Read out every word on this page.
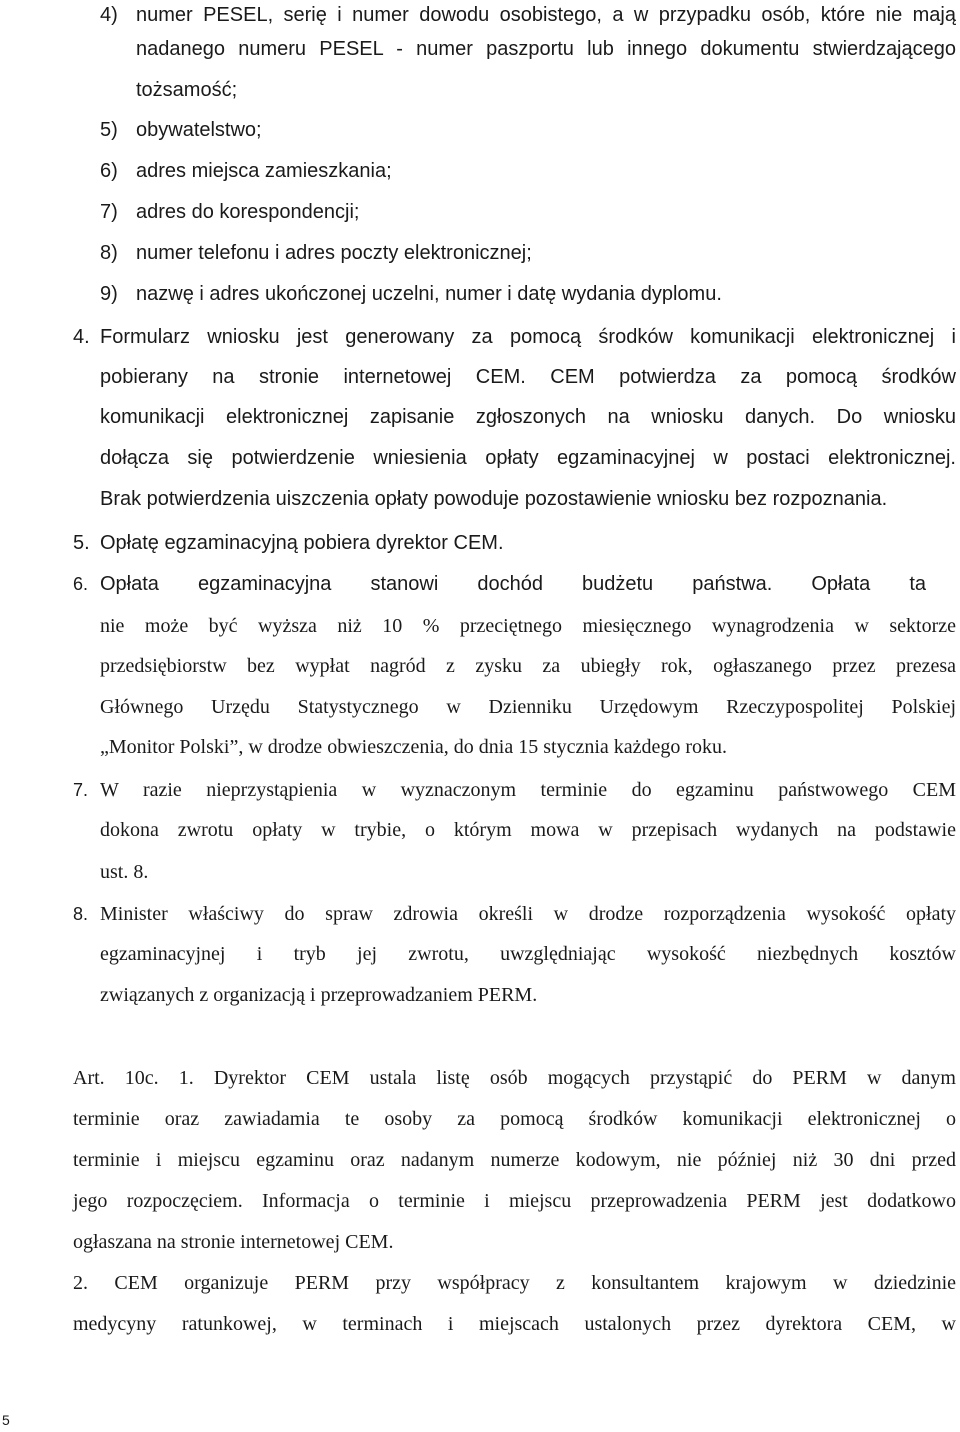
4) numer PESEL, serię i numer dowodu osobistego, a w przypadku osób, które nie mają
nadanego numeru PESEL - numer paszportu lub innego dokumentu stwierdzającego
tożsamość;
5) obywatelstwo;
6) adres miejsca zamieszkania;
7) adres do korespondencji;
8) numer telefonu i adres poczty elektronicznej;
9) nazwę i adres ukończonej uczelni, numer i datę wydania dyplomu.
4. Formularz wniosku jest generowany za pomocą środków komunikacji elektronicznej i
pobierany na stronie internetowej CEM. CEM potwierdza za pomocą środków
komunikacji elektronicznej zapisanie zgłoszonych na wniosku danych. Do wniosku
dołącza się potwierdzenie wniesienia opłaty egzaminacyjnej w postaci elektronicznej.
Brak potwierdzenia uiszczenia opłaty powoduje pozostawienie wniosku bez rozpoznania.
5. Opłatę egzaminacyjną pobiera dyrektor CEM.
6. Opłata egzaminacyjna stanowi dochód budżetu państwa. Opłata ta
nie może być wyższa niż 10 % przeciętnego miesięcznego wynagrodzenia w sektorze
przedsiębiorstw bez wypłat nagród z zysku za ubiegły rok, ogłaszanego przez prezesa
Głównego Urzędu Statystycznego w Dzienniku Urzędowym Rzeczypospolitej Polskiej
„Monitor Polski”, w drodze obwieszczenia, do dnia 15 stycznia każdego roku.
7. W razie nieprzystąpienia w wyznaczonym terminie do egzaminu państwowego CEM
dokona zwrotu opłaty w trybie, o którym mowa w przepisach wydanych na podstawie
ust. 8.
8. Minister właściwy do spraw zdrowia określi w drodze rozporządzenia wysokość opłaty
egzaminacyjnej i tryb jej zwrotu, uwzględniając wysokość niezbędnych kosztów
związanych z organizacją i przeprowadzaniem PERM.
Art. 10c. 1. Dyrektor CEM ustala listę osób mogących przystąpić do PERM w danym
terminie oraz zawiadamia te osoby za pomocą środków komunikacji elektronicznej o
terminie i miejscu egzaminu oraz nadanym numerze kodowym, nie później niż 30 dni przed
jego rozpoczęciem. Informacja o terminie i miejscu przeprowadzenia PERM jest dodatkowo
ogłaszana na stronie internetowej CEM.
2. CEM organizuje PERM przy współpracy z konsultantem krajowym w dziedzinie
medycyny ratunkowej, w terminach i miejscach ustalonych przez dyrektora CEM, w
5
